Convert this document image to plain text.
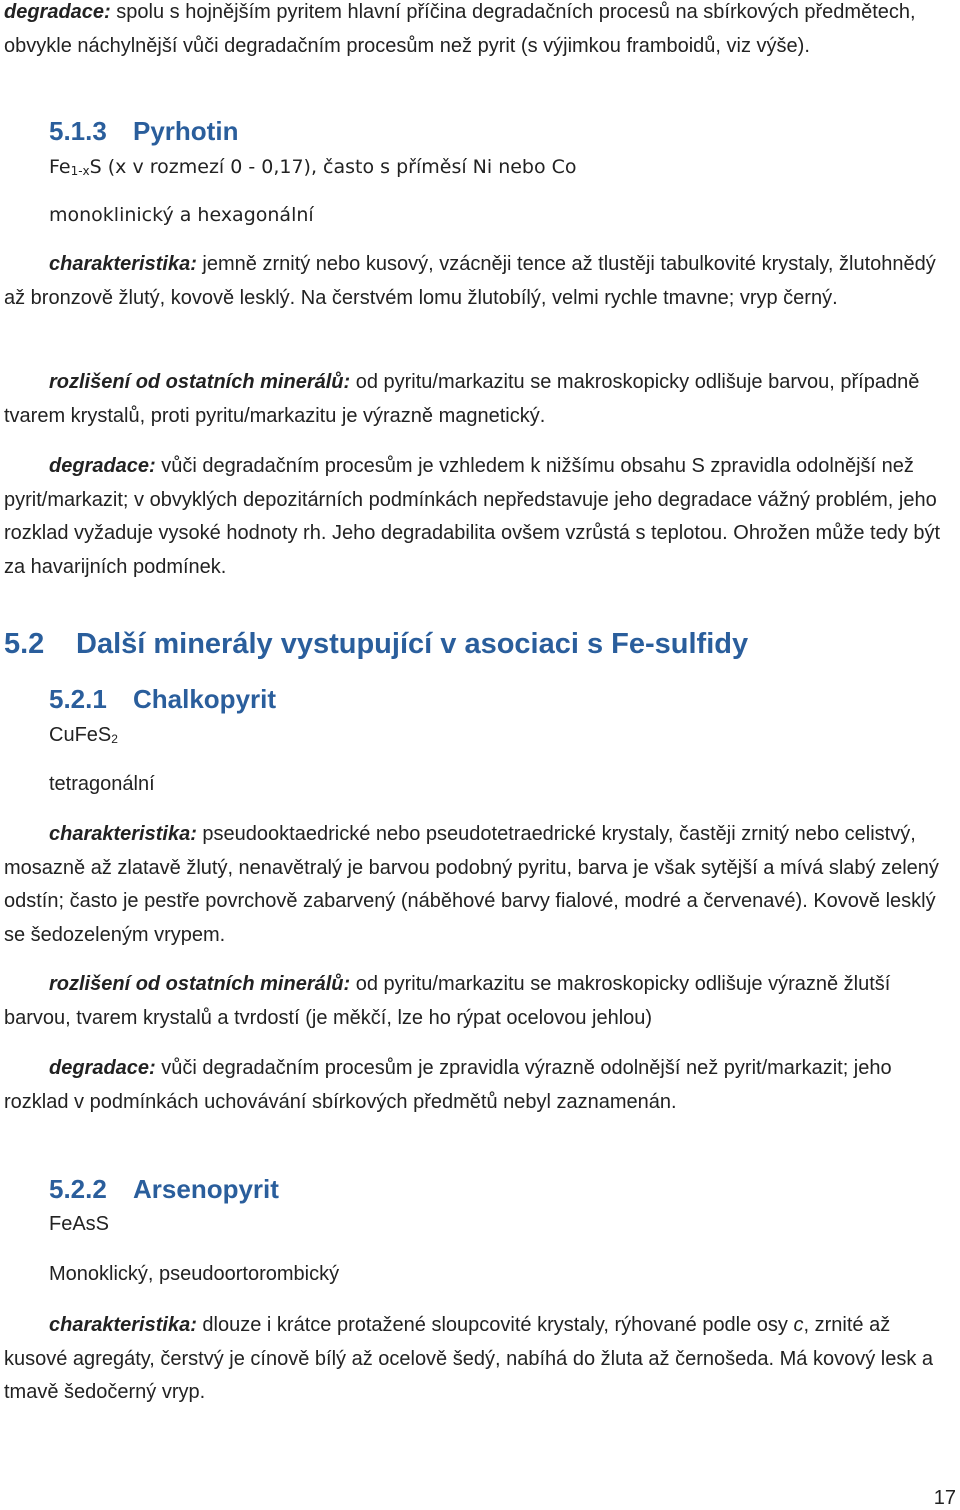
degradace: spolu s hojnějším pyritem hlavní příčina degradačních procesů na sbírkových předmětech, obvykle náchylnější vůči degradačním procesům než pyrit (s výjimkou framboidů, viz výše).

5.1.3 Pyrhotin

$Fe_{1-x}S$ (x v rozmezí 0 - 0,17), často s příměsí Ni nebo Co

monoklinický a hexagonální

charakteristika: jemně zrnitý nebo kusový, vzácněji tence až tlustěji tabulkovité krystaly, žlutohnědý až bronzově žlutý, kovově lesklý. Na čerstvém lomu žlutobílý, velmi rychle tmavne; vryp černý.

rozlišení od ostatních minerálů: od pyritu/markazitu se makroskopicky odlišuje barvou, případně tvarem krystalů, proti pyritu/markazitu je výrazně magnetický.

degradace: vůči degradačním procesům je vzhledem k nižšímu obsahu S zpravidla odolnější než pyrit/markazit; v obvyklých depozitárních podmínkách nepředstavuje jeho degradace vážný problém, jeho rozklad vyžaduje vysoké hodnoty rh. Jeho degradabilita ovšem vzrůstá s teplotou. Ohrožen může tedy být za havarijních podmínek.

5.2 Další minerály vystupující v asociaci s Fe-sulfidy
5.2.1 Chalkopyrit

CuFeS$_2$

tetragonální

charakteristika: pseudooktaedrické nebo pseudotetraedrické krystaly, častěji zrnitý nebo celistvý, mosazně až zlatavě žlutý, nenavětralý je barvou podobný pyritu, barva je však sytější a mívá slabý zelený odstín; často je pestře povrchově zabarvený (náběhové barvy fialové, modré a červenavé). Kovově lesklý se šedozeleným vrypem.

rozlišení od ostatních minerálů: od pyritu/markazitu se makroskopicky odlišuje výrazně žlutší barvou, tvarem krystalů a tvrdostí (je měkčí, lze ho rýpat ocelovou jehlou)

degradace: vůči degradačním procesům je zpravidla výrazně odolnější než pyrit/markazit; jeho rozklad v podmínkách uchovávání sbírkových předmětů nebyl zaznamenán.

5.2.2 Arsenopyrit

FeAsS

Monoklický, pseudoortorombický

charakteristika: dlouze i krátce protažené sloupcovité krystaly, rýhované podle osy c, zrnité až kusové agregáty, čerstvý je cínově bílý až ocelově šedý, nabíhá do žluta až černošeda. Má kovový lesk a tmavě šedočerný vryp.

17
